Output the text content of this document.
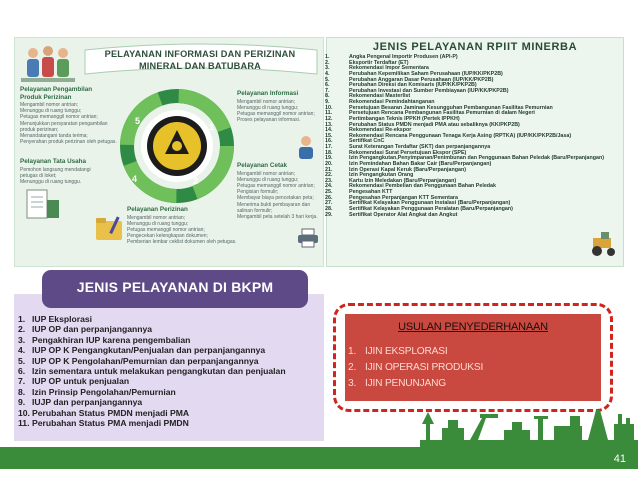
PELAYANAN INFORMASI DAN PERIZINAN
MINERAL DAN BATUBARA
1
2
4
5
Pelayanan Pengambilan
Produk Perizinan
Mengambil nomor antrian;
Menunggu di ruang tunggu;
Petugas memanggil nomor antrian;
Menunjukkan persyaratan pengambilan
produk perizinan;
Menandatangani tanda terima;
Penyerahan produk perizinan oleh petugas.
Pelayanan Informasi
Mengambil nomor antrian;
Menunggu di ruang tunggu;
Petugas memanggil nomor antrian;
Proses pelayanan informasi.
Pelayanan Tata Usaha
Pemohon langsung mendatangi
petugas di loket;
Menunggu di ruang tunggu.
Pelayanan Cetak
Mengambil nomor antrian;
Menunggu di ruang tunggu;
Petugas memanggil nomor antrian;
Pengisian formulir;
Membayar biaya pencetakan peta;
Menerima bukti pembayaran dan
salinan formulir;
Mengambil peta setelah 3 hari kerja.
Pelayanan Perizinan
Mengambil nomor antrian;
Menunggu di ruang tunggu;
Petugas memanggil nomor antrian;
Pengecekan kelengkapan dokumen;
Pemberian lembar ceklist dokumen oleh petugas.
JENIS PELAYANAN RPIIT MINERBA
1.	Angka Pengenal Importir Produsen (API-P)
2.	Eksportir Terdaftar (ET)
3.	Rekomendasi Impor Sementara
4.	Perubahan Kepemilikan Saham Perusahaan (IUP/KK/PKP2B)
5.	Perubahan Anggaran Dasar Perusahaan (IUP/KK/PKP2B)
6.	Perubahan Direksi dan Komisaris (IUP/KK/PKP2B)
7.	Perubahan Investasi dan Sumber Pembiayaan (IUP/KK/PKP2B)
8.	Rekomendasi Masterlist
9.	Rekomendasi Pemindahtanganan
10.	Persetujuan Besaran Jaminan Kesungguhan Pembangunan Fasilitas Pemurnian
11.	Persetujuan Rencana Pembangunan Fasilitas Pemurnian di dalam Negeri
12.	Pertimbangan Teknis IPPKH (Pertek IPPKH)
13.	Perubahan Status PMDN menjadi PMA atau sebaliknya (KK/PKP2B)
14.	Rekomendasi Re-ekspor
15.	Rekomendasi Rencana Penggunaan Tenaga Kerja Asing (RPTKA) (IUP/KK/PKP2B/Jasa)
16.	Sertifikat CnC
17.	Surat Keterangan Terdaftar (SKT) dan perpanjangannya
18.	Rekomendasi Surat Persetujuan Ekspor (SPE)
19.	Izin Pengangkutan,Penyimpanan/Penimbunan dan Penggunaan Bahan Peledak (Baru/Perpanjangan)
20.	Izin Pemindahan Bahan Bakar Cair (Baru/Perpanjangan)
21.	Izin Operasi Kapal Keruk (Baru/Perpanjangan)
22.	Izin Pengangkutan Orang
23.	Kartu Izin Meledakan (Baru/Perpanjangan)
24.	Rekomendasi Pembelian dan Penggunaan Bahan Peledak
25.	Pengesahan KTT
26.	Pengesahan Perpanjangan KTT Sementara
27.	Sertifikat Kelayakan Penggunaan Instalasi (Baru/Perpanjangan)
28.	Sertifikat Kelayakan Penggunaan Peralatan (Baru/Perpanjangan)
29.	Sertifikat Operator Alat Angkat dan Angkut
JENIS PELAYANAN DI BKPM
1. IUP Eksplorasi
2. IUP OP dan perpanjangannya
3. Pengakhiran IUP karena pengembalian
4. IUP OP K Pengangkutan/Penjualan dan perpanjangannya
5. IUP OP K Pengolahan/Pemurnian dan perpanjangannya
6. Izin sementara untuk melakukan pengangkutan dan penjualan
7. IUP OP untuk penjualan
8. Izin Prinsip Pengolahan/Pemurnian
9. IUJP dan perpanjangannya
10. Perubahan Status PMDN menjadi PMA
11. Perubahan Status PMA menjadi PMDN
USULAN PENYEDERHANAAN
1. IJIN EKSPLORASI
2. IJIN OPERASI PRODUKSI
3. IJIN PENUNJANG
41
